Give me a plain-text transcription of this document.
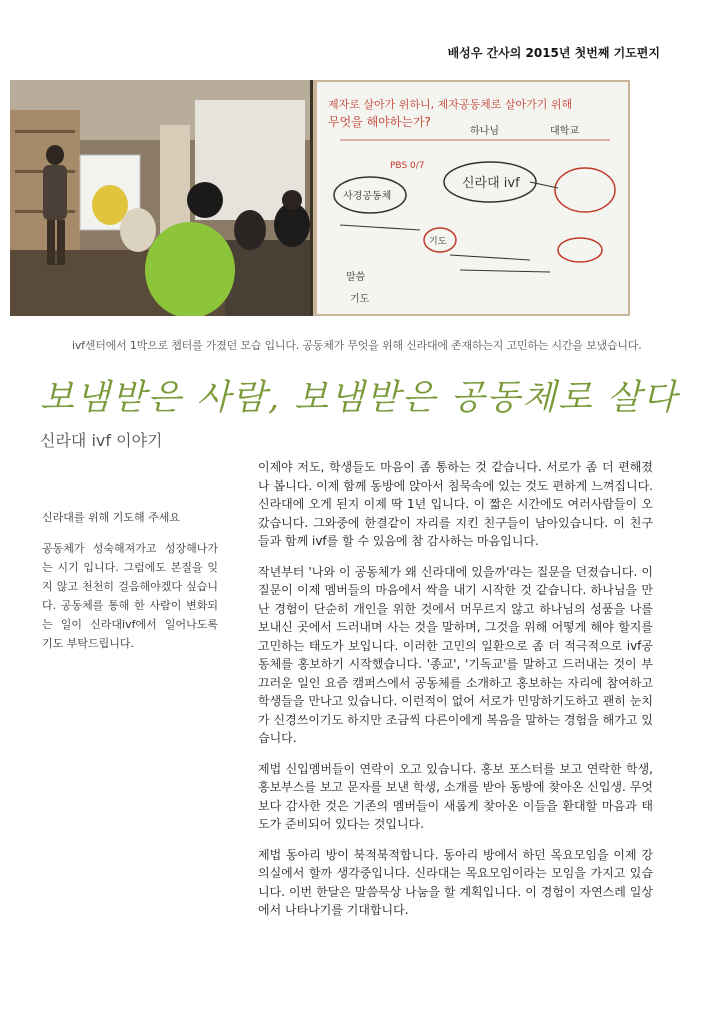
배성우 간사의 2015년 첫번째 기도편지
제자로 살아가 위하니, 제자공동체로 살아가기 위해
무엇을 해야하는가?
하나님	대학교
신라대 ivf
사경공동체
PBS 0/7
기도
말씀
기도
ivf센터에서 1박으로 챕터를 가졌던 모습 입니다. 공동체가 무엇을 위해 신라대에 존재하는지 고민하는 시간을 보냈습니다.
보냄받은 사람, 보냄받은 공동체로 살다
신라대 ivf 이야기

신라대를 위해 기도해 주세요

공동체가 성숙해져가고 성장해나가는 시기 입니다. 그럼에도 본질을 잊지 않고 천천히 걸음해야겠다 싶습니다. 공동체를 통해 한 사람이 변화되는 일이 신라대ivf에서 일어나도록 기도 부탁드립니다.

이제야 저도, 학생들도 마음이 좀 통하는 것 같습니다. 서로가 좀 더 편해졌나 봅니다. 이제 함께 동방에 앉아서 침묵속에 있는 것도 편하게 느껴집니다. 신라대에 오게 된지 이제 딱 1년 입니다. 이 짧은 시간에도 여러사람들이 오갔습니다. 그와중에 한결같이 자리를 지킨 친구들이 남아있습니다. 이 친구들과 함께 ivf를 할 수 있음에 참 감사하는 마음입니다.

작년부터 '나와 이 공동체가 왜 신라대에 있을까'라는 질문을 던졌습니다. 이 질문이 이제 멤버들의 마음에서 싹을 내기 시작한 것 같습니다. 하나님을 만난 경험이 단순히 개인을 위한 것에서 머무르지 않고 하나님의 성품을 나를 보내신 곳에서 드러내며 사는 것을 말하며, 그것을 위해 어떻게 해야 할지를 고민하는 태도가 보입니다. 이러한 고민의 일환으로 좀 더 적극적으로 ivf공동체를 홍보하기 시작했습니다. '종교', '기독교'를 말하고 드러내는 것이 부끄러운 일인 요즘 캠퍼스에서 공동체를 소개하고 홍보하는 자리에 참여하고 학생들을 만나고 있습니다. 이런적이 없어 서로가 민망하기도하고 괜히 눈치가 신경쓰이기도 하지만 조금씩 다른이에게 복음을 말하는 경험을 해가고 있습니다.

제법 신입멤버들이 연락이 오고 있습니다. 홍보 포스터를 보고 연락한 학생, 홍보부스를 보고 문자를 보낸 학생, 소개를 받아 동방에 찾아온 신입생. 무엇보다 감사한 것은 기존의 멤버들이 새롭게 찾아온 이들을 환대할 마음과 태도가 준비되어 있다는 것입니다.

제법 동아리 방이 북적북적합니다. 동아리 방에서 하던 목요모임을 이제 강의실에서 할까 생각중입니다. 신라대는 목요모임이라는 모임을 가지고 있습니다. 이번 한달은 말씀묵상 나눔을 할 계획입니다. 이 경험이 자연스레 일상에서 나타나기를 기대합니다.
